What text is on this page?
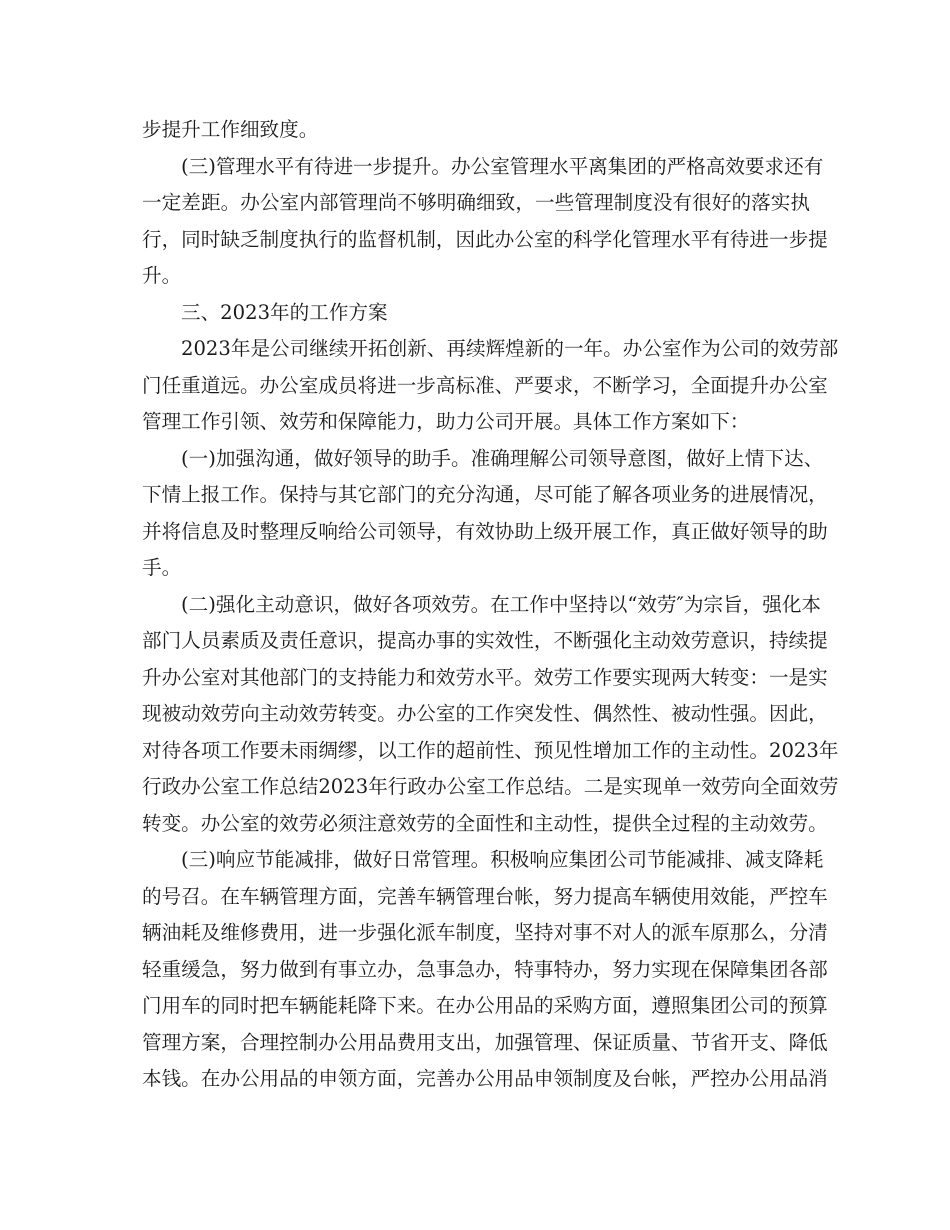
步提升工作细致度。
(三)管理水平有待进一步提升。办公室管理水平离集团的严格高效要求还有
一定差距。办公室内部管理尚不够明确细致，一些管理制度没有很好的落实执
行，同时缺乏制度执行的监督机制，因此办公室的科学化管理水平有待进一步提
升。
三、2023年的工作方案
2023年是公司继续开拓创新、再续辉煌新的一年。办公室作为公司的效劳部
门任重道远。办公室成员将进一步高标准、严要求，不断学习，全面提升办公室
管理工作引领、效劳和保障能力，助力公司开展。具体工作方案如下：
(一)加强沟通，做好领导的助手。准确理解公司领导意图，做好上情下达、
下情上报工作。保持与其它部门的充分沟通，尽可能了解各项业务的进展情况，
并将信息及时整理反响给公司领导，有效协助上级开展工作，真正做好领导的助
手。
(二)强化主动意识，做好各项效劳。在工作中坚持以“效劳″为宗旨，强化本
部门人员素质及责任意识，提高办事的实效性，不断强化主动效劳意识，持续提
升办公室对其他部门的支持能力和效劳水平。效劳工作要实现两大转变：一是实
现被动效劳向主动效劳转变。办公室的工作突发性、偶然性、被动性强。因此，
对待各项工作要未雨绸缪，以工作的超前性、预见性增加工作的主动性。2023年
行政办公室工作总结2023年行政办公室工作总结。二是实现单一效劳向全面效劳
转变。办公室的效劳必须注意效劳的全面性和主动性，提供全过程的主动效劳。
(三)响应节能减排，做好日常管理。积极响应集团公司节能减排、减支降耗
的号召。在车辆管理方面，完善车辆管理台帐，努力提高车辆使用效能，严控车
辆油耗及维修费用，进一步强化派车制度，坚持对事不对人的派车原那么，分清
轻重缓急，努力做到有事立办，急事急办，特事特办，努力实现在保障集团各部
门用车的同时把车辆能耗降下来。在办公用品的采购方面，遵照集团公司的预算
管理方案，合理控制办公用品费用支出，加强管理、保证质量、节省开支、降低
本钱。在办公用品的申领方面，完善办公用品申领制度及台帐，严控办公用品消
